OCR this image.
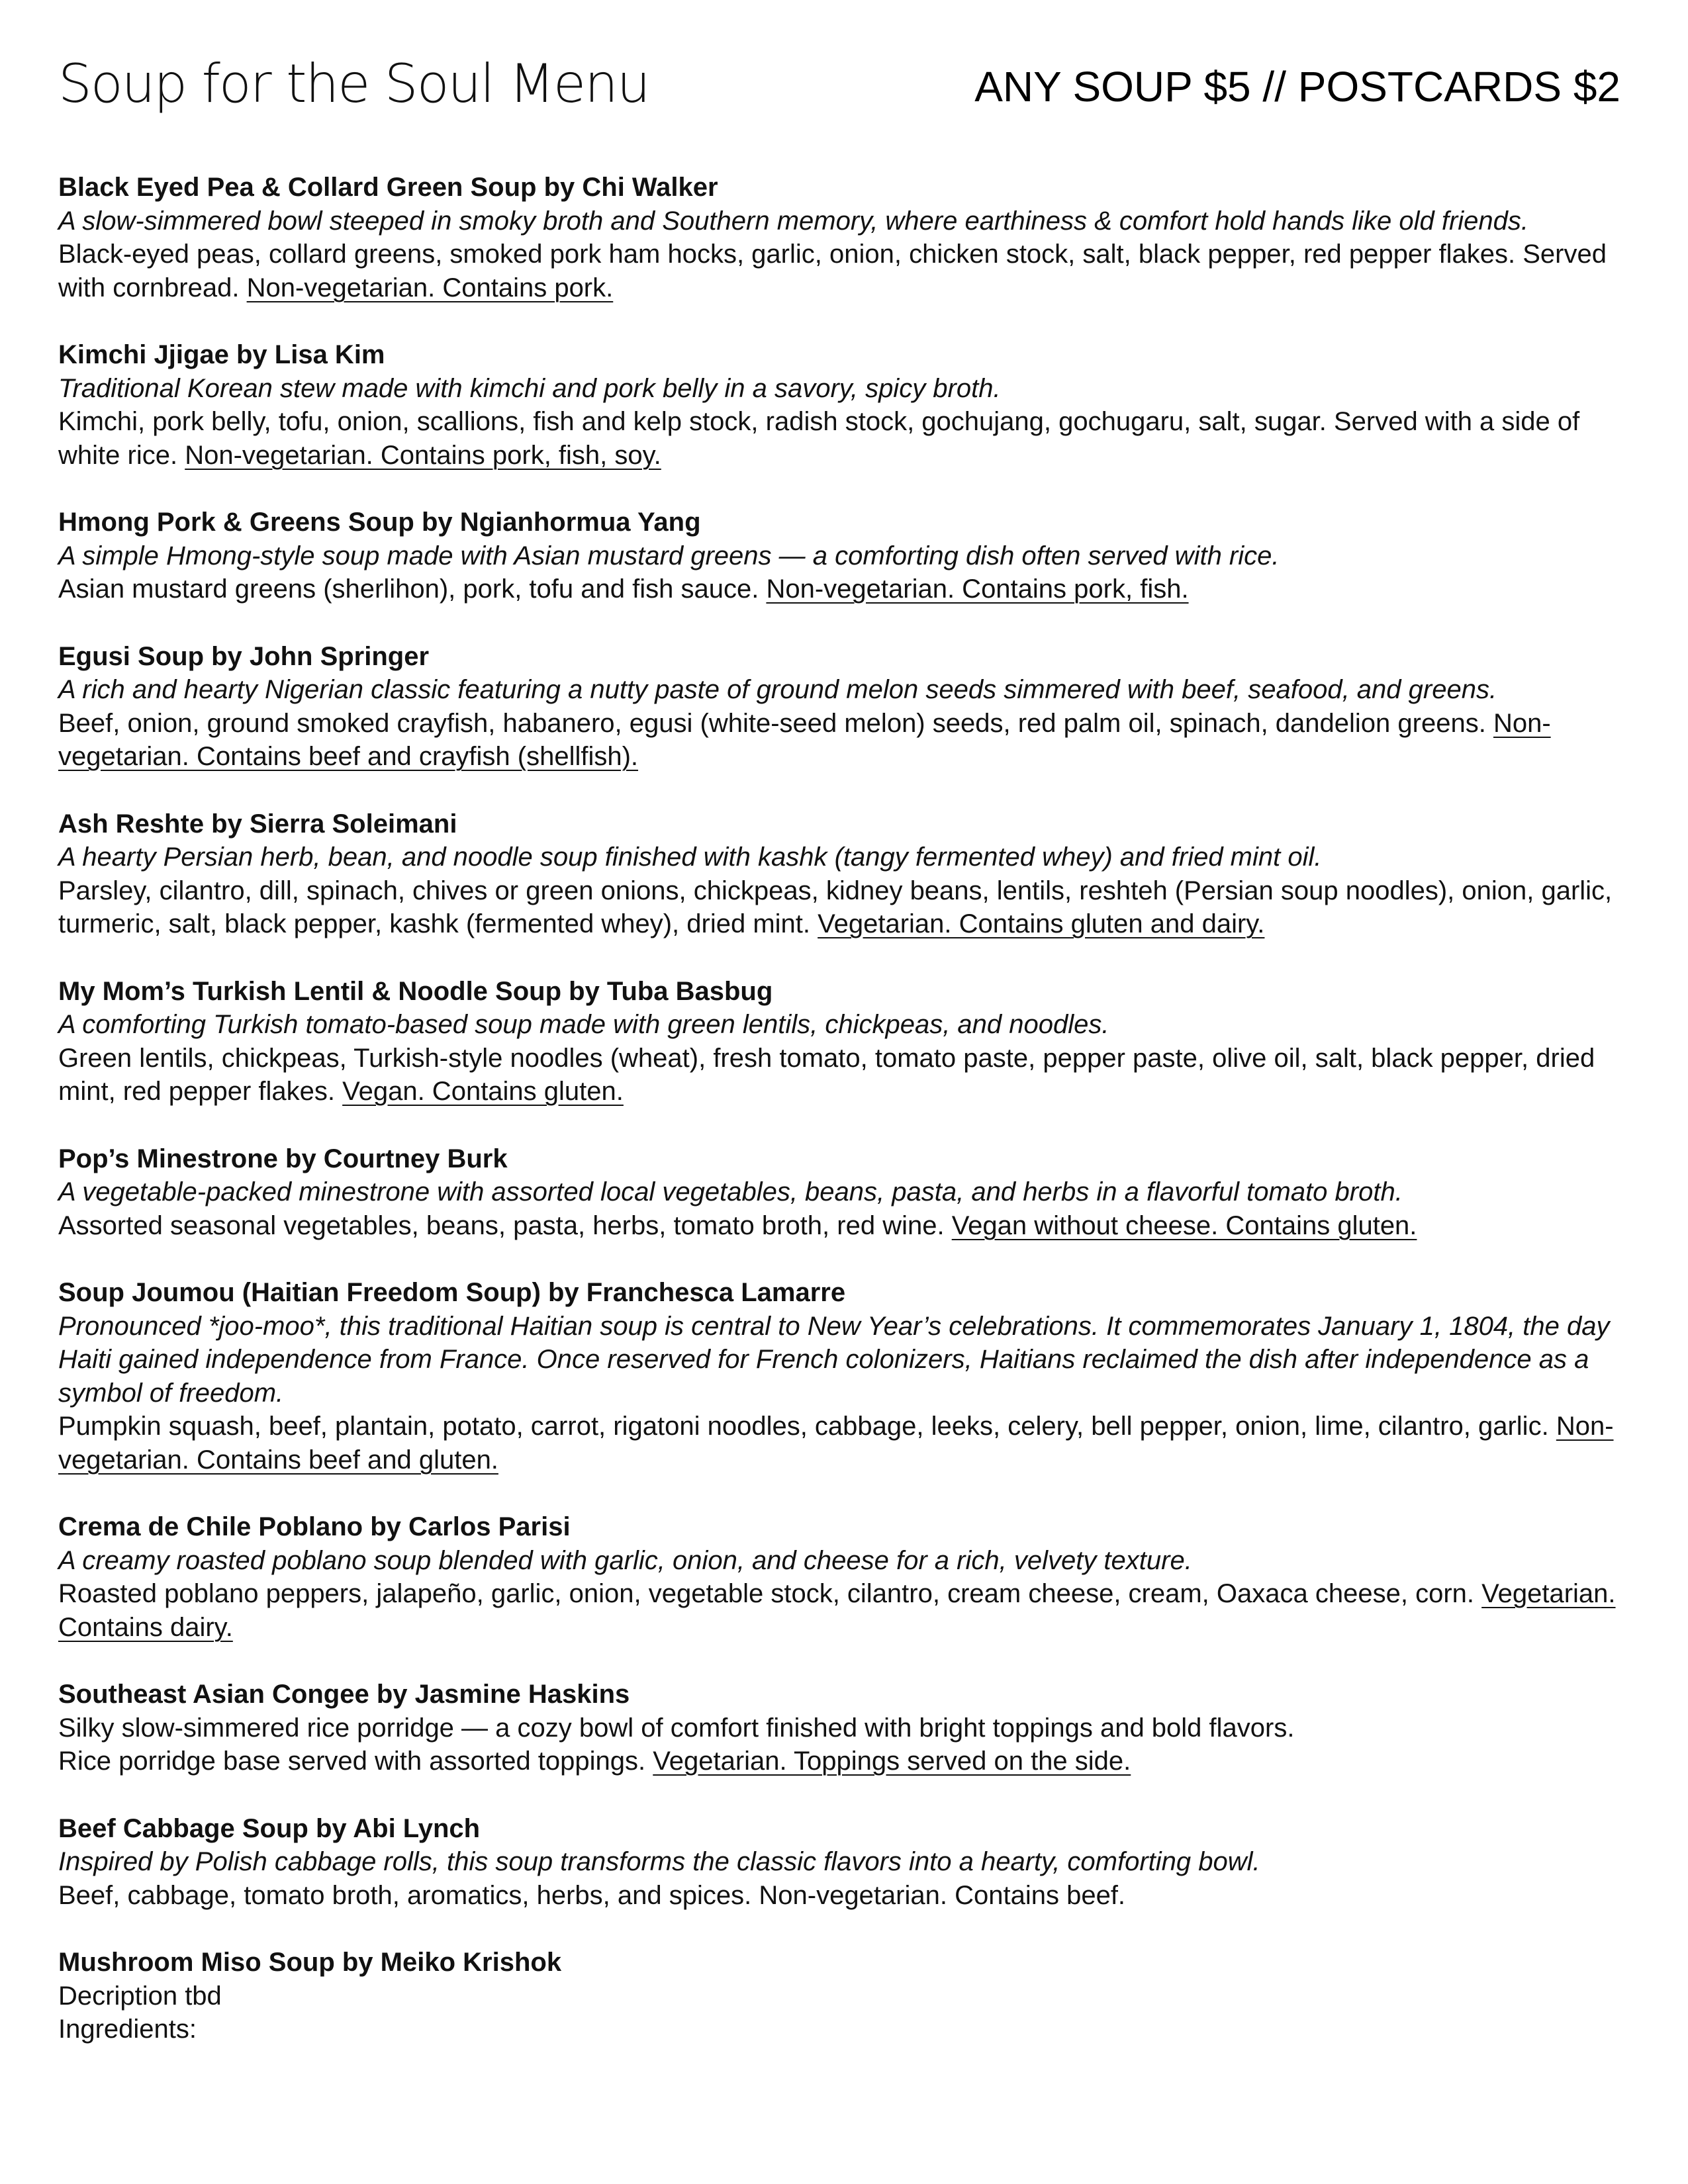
Soup for the Soul Menu	ANY SOUP $5 // POSTCARDS $2
Black Eyed Pea & Collard Green Soup by Chi Walker
A slow-simmered bowl steeped in smoky broth and Southern memory, where earthiness & comfort hold hands like old friends.
Black-eyed peas, collard greens, smoked pork ham hocks, garlic, onion, chicken stock, salt, black pepper, red pepper flakes. Served with cornbread. Non-vegetarian. Contains pork.
Kimchi Jjigae by Lisa Kim
Traditional Korean stew made with kimchi and pork belly in a savory, spicy broth.
Kimchi, pork belly, tofu, onion, scallions, fish and kelp stock, radish stock, gochujang, gochugaru, salt, sugar. Served with a side of white rice. Non-vegetarian. Contains pork, fish, soy.
Hmong Pork & Greens Soup by Ngianhormua Yang
A simple Hmong-style soup made with Asian mustard greens — a comforting dish often served with rice.
Asian mustard greens (sherlihon), pork, tofu and fish sauce. Non-vegetarian. Contains pork, fish.
Egusi Soup by John Springer
A rich and hearty Nigerian classic featuring a nutty paste of ground melon seeds simmered with beef, seafood, and greens.
Beef, onion, ground smoked crayfish, habanero, egusi (white-seed melon) seeds, red palm oil, spinach, dandelion greens. Non-vegetarian. Contains beef and crayfish (shellfish).
Ash Reshte by Sierra Soleimani
A hearty Persian herb, bean, and noodle soup finished with kashk (tangy fermented whey) and fried mint oil.
Parsley, cilantro, dill, spinach, chives or green onions, chickpeas, kidney beans, lentils, reshteh (Persian soup noodles), onion, garlic, turmeric, salt, black pepper, kashk (fermented whey), dried mint. Vegetarian. Contains gluten and dairy.
My Mom’s Turkish Lentil & Noodle Soup by Tuba Basbug
A comforting Turkish tomato-based soup made with green lentils, chickpeas, and noodles.
Green lentils, chickpeas, Turkish-style noodles (wheat), fresh tomato, tomato paste, pepper paste, olive oil, salt, black pepper, dried mint, red pepper flakes. Vegan. Contains gluten.
Pop’s Minestrone by Courtney Burk
A vegetable-packed minestrone with assorted local vegetables, beans, pasta, and herbs in a flavorful tomato broth.
Assorted seasonal vegetables, beans, pasta, herbs, tomato broth, red wine. Vegan without cheese. Contains gluten.
Soup Joumou (Haitian Freedom Soup) by Franchesca Lamarre
Pronounced *joo-moo*, this traditional Haitian soup is central to New Year’s celebrations. It commemorates January 1, 1804, the day Haiti gained independence from France. Once reserved for French colonizers, Haitians reclaimed the dish after independence as a symbol of freedom.
Pumpkin squash, beef, plantain, potato, carrot, rigatoni noodles, cabbage, leeks, celery, bell pepper, onion, lime, cilantro, garlic. Non-vegetarian. Contains beef and gluten.
Crema de Chile Poblano by Carlos Parisi
A creamy roasted poblano soup blended with garlic, onion, and cheese for a rich, velvety texture.
Roasted poblano peppers, jalapeño, garlic, onion, vegetable stock, cilantro, cream cheese, cream, Oaxaca cheese, corn. Vegetarian. Contains dairy.
Southeast Asian Congee by Jasmine Haskins
Silky slow-simmered rice porridge — a cozy bowl of comfort finished with bright toppings and bold flavors.
Rice porridge base served with assorted toppings. Vegetarian. Toppings served on the side.
Beef Cabbage Soup by Abi Lynch
Inspired by Polish cabbage rolls, this soup transforms the classic flavors into a hearty, comforting bowl.
Beef, cabbage, tomato broth, aromatics, herbs, and spices. Non-vegetarian. Contains beef.
Mushroom Miso Soup by Meiko Krishok
Decription tbd
Ingredients:
